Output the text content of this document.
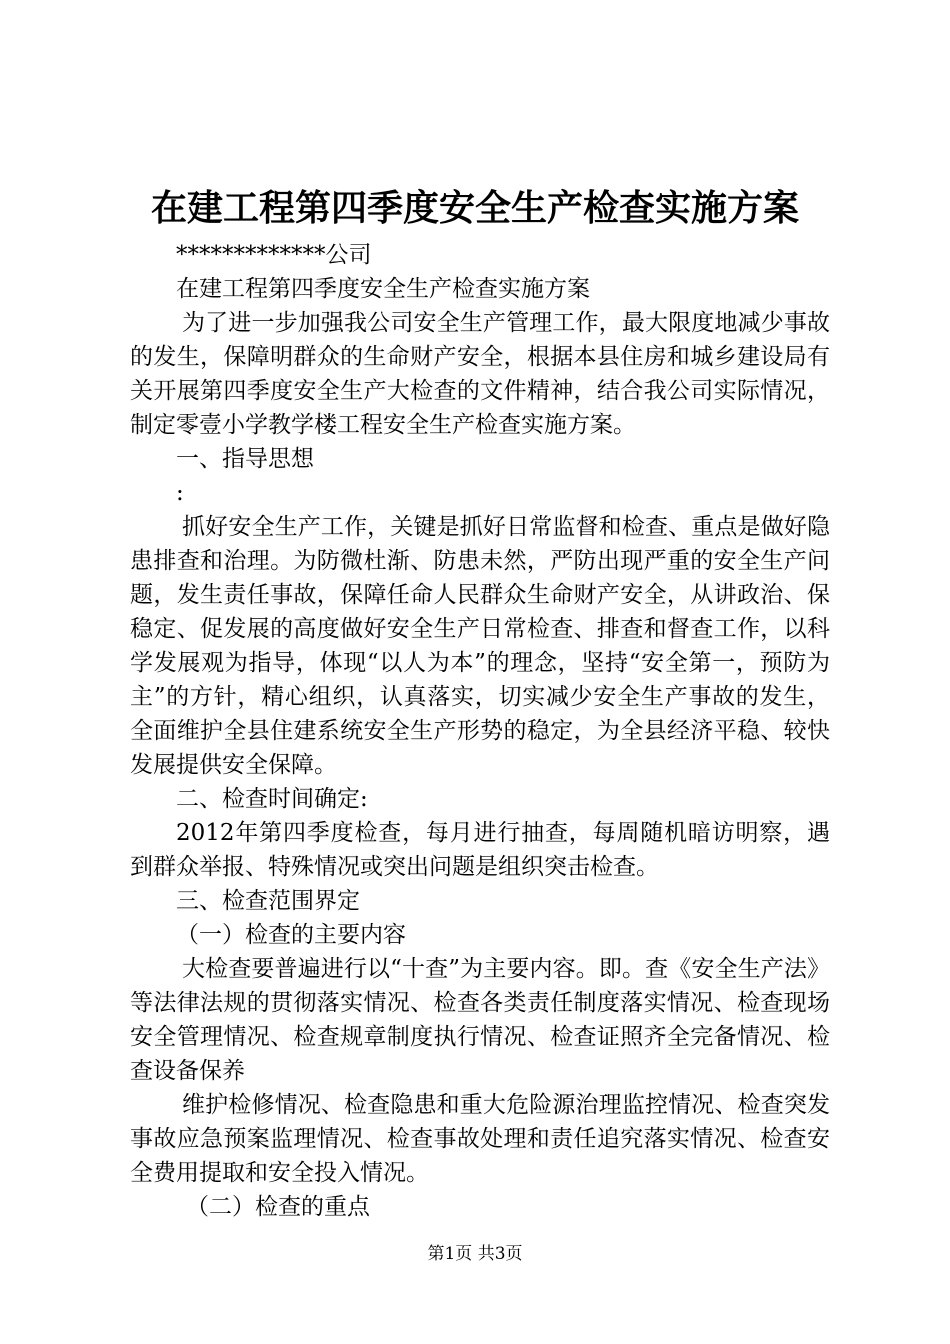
在建工程第四季度安全生产检查实施方案

*************公司

在建工程第四季度安全生产检查实施方案

为了进一步加强我公司安全生产管理工作，最大限度地减少事故的发生，保障明群众的生命财产安全，根据本县住房和城乡建设局有关开展第四季度安全生产大检查的文件精神，结合我公司实际情况，制定零壹小学教学楼工程安全生产检查实施方案。

一、指导思想

:

抓好安全生产工作，关键是抓好日常监督和检查、重点是做好隐患排查和治理。为防微杜渐、防患未然，严防出现严重的安全生产问题，发生责任事故，保障任命人民群众生命财产安全，从讲政治、保稳定、促发展的高度做好安全生产日常检查、排查和督查工作，以科学发展观为指导，体现“以人为本”的理念，坚持“安全第一，预防为主”的方针，精心组织，认真落实，切实减少安全生产事故的发生，全面维护全县住建系统安全生产形势的稳定，为全县经济平稳、较快发展提供安全保障。

二、检查时间确定:

2012年第四季度检查，每月进行抽查，每周随机暗访明察，遇到群众举报、特殊情况或突出问题是组织突击检查。

三、检查范围界定

（一）检查的主要内容

大检查要普遍进行以“十查”为主要内容。即。查《安全生产法》等法律法规的贯彻落实情况、检查各类责任制度落实情况、检查现场安全管理情况、检查规章制度执行情况、检查证照齐全完备情况、检查设备保养

维护检修情况、检查隐患和重大危险源治理监控情况、检查突发事故应急预案监理情况、检查事故处理和责任追究落实情况、检查安全费用提取和安全投入情况。

（二）检查的重点

第1页 共3页
